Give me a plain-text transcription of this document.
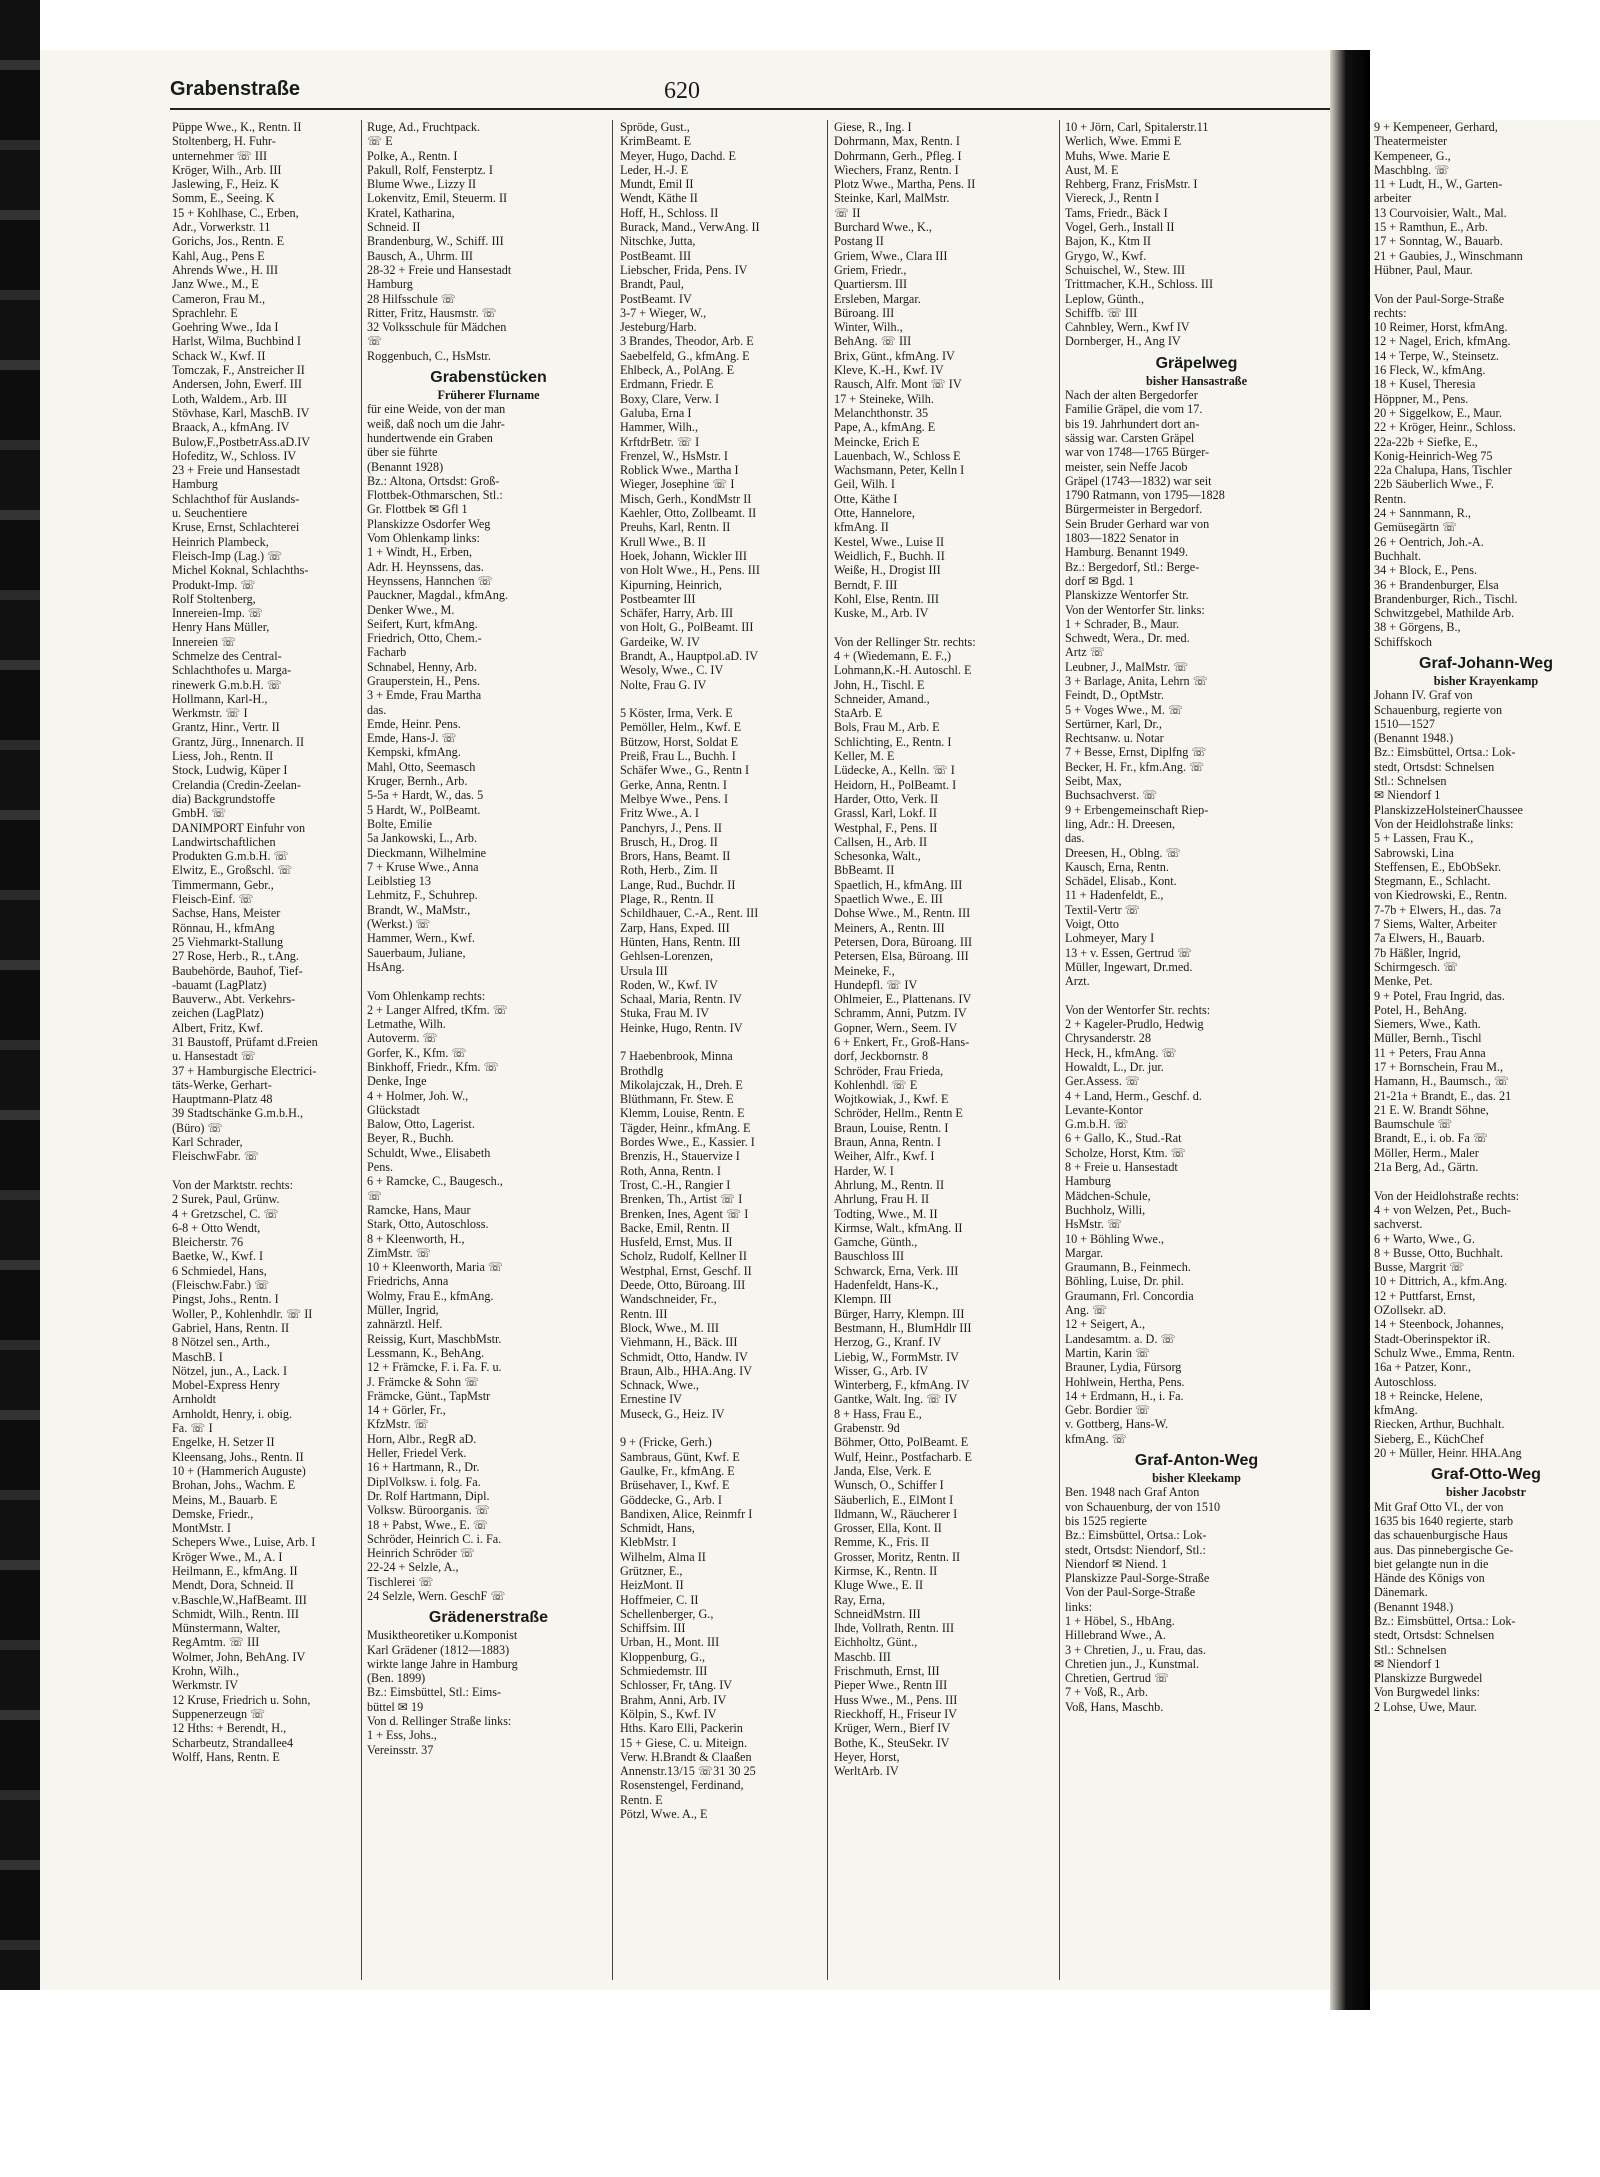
Grabenstraße	620
Püppe Wwe., K., Rentn. II
Stoltenberg, H. Fuhr-
unternehmer ☏ III
Kröger, Wilh., Arb. III
Jaslewing, F., Heiz. K
Somm, E., Seeing. K
15 + Kohlhase, C., Erben,
Adr., Vorwerkstr. 11
Gorichs, Jos., Rentn. E
Kahl, Aug., Pens E
Ahrends Wwe., H. III
Janz Wwe., M., E
Cameron, Frau M.,
Sprachlehr. E
Goehring Wwe., Ida I
Harlst, Wilma, Buchbind I
Schack W., Kwf. II
Tomczak, F., Anstreicher II
Andersen, John, Ewerf. III
Loth, Waldem., Arb. III
Stövhase, Karl, MaschB. IV
Braack, A., kfmAng. IV
Bulow,F.,PostbetrAss.aD.IV
Hofeditz, W., Schloss. IV
23 + Freie und Hansestadt
Hamburg
Schlachthof für Auslands-
u. Seuchentiere
Kruse, Ernst, Schlachterei
Heinrich Plambeck,
Fleisch-Imp (Lag.) ☏
Michel Koknal, Schlachths-
Produkt-Imp. ☏
Rolf Stoltenberg,
Innereien-Imp. ☏
Henry Hans Müller,
Innereien ☏
Schmelze des Central-
Schlachthofes u. Marga-
rinewerk G.m.b.H. ☏
Hollmann, Karl-H.,
Werkmstr. ☏ I
Grantz, Hinr., Vertr. II
Grantz, Jürg., Innenarch. II
Liess, Joh., Rentn. II
Stock, Ludwig, Küper I
Crelandia (Credin-Zeelan-
dia) Backgrundstoffe
GmbH. ☏
DANIMPORT Einfuhr von
Landwirtschaftlichen
Produkten G.m.b.H. ☏
Elwitz, E., Großschl. ☏
Timmermann, Gebr.,
Fleisch-Einf. ☏
Sachse, Hans, Meister
Rönnau, H., kfmAng
25 Viehmarkt-Stallung
27 Rose, Herb., R., t.Ang.
Baubehörde, Bauhof, Tief-
-bauamt (LagPlatz)
Bauverw., Abt. Verkehrs-
zeichen (LagPlatz)
Albert, Fritz, Kwf.
31 Baustoff, Prüfamt d.Freien
u. Hansestadt ☏
37 + Hamburgische Electrici-
täts-Werke, Gerhart-
Hauptmann-Platz 48
39 Stadtschänke G.m.b.H.,
(Büro) ☏
Karl Schrader,
FleischwFabr. ☏

Von der Marktstr. rechts:
2 Surek, Paul, Grünw.
4 + Gretzschel, C. ☏
6-8 + Otto Wendt,
Bleicherstr. 76
Baetke, W., Kwf. I
6 Schmiedel, Hans,
(Fleischw.Fabr.) ☏
Pingst, Johs., Rentn. I
Woller, P., Kohlenhdlr. ☏ II
Gabriel, Hans, Rentn. II
8 Nötzel sen., Arth.,
MaschB. I
Nötzel, jun., A., Lack. I
Mobel-Express Henry
Arnholdt
Arnholdt, Henry, i. obig.
Fa. ☏ I
Engelke, H. Setzer II
Kleensang, Johs., Rentn. II
10 + (Hammerich Auguste)
Brohan, Johs., Wachm. E
Meins, M., Bauarb. E
Demske, Friedr.,
MontMstr. I
Schepers Wwe., Luise, Arb. I
Kröger Wwe., M., A. I
Heilmann, E., kfmAng. II
Mendt, Dora, Schneid. II
v.Baschle,W.,HafBeamt. III
Schmidt, Wilh., Rentn. III
Münstermann, Walter,
RegAmtm. ☏ III
Wolmer, John, BehAng. IV
Krohn, Wilh.,
Werkmstr. IV
12 Kruse, Friedrich u. Sohn,
Suppenerzeugn ☏
12 Hths: + Berendt, H.,
Scharbeutz, Strandallee4
Wolff, Hans, Rentn. E
Ruge, Ad., Fruchtpack.
☏ E
Polke, A., Rentn. I
Pakull, Rolf, Fensterptz. I
Blume Wwe., Lizzy II
Lokenvitz, Emil, Steuerm. II
Kratel, Katharina,
Schneid. II
Brandenburg, W., Schiff. III
Bausch, A., Uhrm. III
28-32 + Freie und Hansestadt
Hamburg
28 Hilfsschule ☏
Ritter, Fritz, Hausmstr. ☏
32 Volksschule für Mädchen
☏
Roggenbuch, C., HsMstr.
Grabenstücken
Früherer Flurname
für eine Weide, von der man
weiß, daß noch um die Jahr-
hundertwende ein Graben
über sie führte
(Benannt 1928)
Bz.: Altona, Ortsdst: Groß-
Flottbek-Othmarschen, Stl.:
Gr. Flottbek ✉ Gfl 1
Planskizze Osdorfer Weg
Vom Ohlenkamp links:
1 + Windt, H., Erben,
Adr. H. Heynssens, das.
Heynssens, Hannchen ☏
Pauckner, Magdal., kfmAng.
Denker Wwe., M.
Seifert, Kurt, kfmAng.
Friedrich, Otto, Chem.-
Facharb
Schnabel, Henny, Arb.
Grauperstein, H., Pens.
3 + Emde, Frau Martha
das.
Emde, Heinr. Pens.
Emde, Hans-J. ☏
Kempski, kfmAng.
Mahl, Otto, Seemasch
Kruger, Bernh., Arb.
5-5a + Hardt, W., das. 5
5 Hardt, W., PolBeamt.
Bolte, Emilie
5a Jankowski, L., Arb.
Dieckmann, Wilhelmine
7 + Kruse Wwe., Anna
Leiblstieg 13
Lehmitz, F., Schuhrep.
Brandt, W., MaMstr.,
(Werkst.) ☏
Hammer, Wern., Kwf.
Sauerbaum, Juliane,
HsAng.

Vom Ohlenkamp rechts:
2 + Langer Alfred, tKfm. ☏
Letmathe, Wilh.
Autoverm. ☏
Gorfer, K., Kfm. ☏
Binkhoff, Friedr., Kfm. ☏
Denke, Inge
4 + Holmer, Joh. W.,
Glückstadt
Balow, Otto, Lagerist.
Beyer, R., Buchh.
Schuldt, Wwe., Elisabeth
Pens.
6 + Ramcke, C., Baugesch.,
☏
Ramcke, Hans, Maur
Stark, Otto, Autoschloss.
8 + Kleenworth, H.,
ZimMstr. ☏
10 + Kleenworth, Maria ☏
Friedrichs, Anna
Wolmy, Frau E., kfmAng.
Müller, Ingrid,
zahnärztl. Helf.
Reissig, Kurt, MaschbMstr.
Lessmann, K., BehAng.
12 + Främcke, F. i. Fa. F. u.
J. Främcke & Sohn ☏
Främcke, Günt., TapMstr
14 + Görler, Fr.,
KfzMstr. ☏
Horn, Albr., RegR aD.
Heller, Friedel Verk.
16 + Hartmann, R., Dr.
DiplVolksw. i. folg. Fa.
Dr. Rolf Hartmann, Dipl.
Volksw. Büroorganis. ☏
18 + Pabst, Wwe., E. ☏
Schröder, Heinrich C. i. Fa.
Heinrich Schröder ☏
22-24 + Selzle, A.,
Tischlerei ☏
24 Selzle, Wern. GeschF ☏
Grädenerstraße
Musiktheoretiker u.Komponist
Karl Grädener (1812—1883)
wirkte lange Jahre in Hamburg
(Ben. 1899)
Bz.: Eimsbüttel, Stl.: Eims-
büttel ✉ 19
Von d. Rellinger Straße links:
1 + Ess, Johs.,
Vereinsstr. 37
Spröde, Gust.,
KrimBeamt. E
Meyer, Hugo, Dachd. E
Leder, H.-J. E
Mundt, Emil II
Wendt, Käthe II
Hoff, H., Schloss. II
Burack, Mand., VerwAng. II
Nitschke, Jutta,
PostBeamt. III
Liebscher, Frida, Pens. IV
Brandt, Paul,
PostBeamt. IV
3-7 + Wieger, W.,
Jesteburg/Harb.
3 Brandes, Theodor, Arb. E
Saebelfeld, G., kfmAng. E
Ehlbeck, A., PolAng. E
Erdmann, Friedr. E
Boxy, Clare, Verw. I
Galuba, Erna I
Hammer, Wilh.,
KrftdrBetr. ☏ I
Frenzel, W., HsMstr. I
Roblick Wwe., Martha I
Wieger, Josephine ☏ I
Misch, Gerh., KondMstr II
Kaehler, Otto, Zollbeamt. II
Preuhs, Karl, Rentn. II
Krull Wwe., B. II
Hoek, Johann, Wickler III
von Holt Wwe., H., Pens. III
Kipurning, Heinrich,
Postbeamter III
Schäfer, Harry, Arb. III
von Holt, G., PolBeamt. III
Gardeike, W. IV
Brandt, A., Hauptpol.aD. IV
Wesoly, Wwe., C. IV
Nolte, Frau G. IV

5 Köster, Irma, Verk. E
Pemöller, Helm., Kwf. E
Bützow, Horst, Soldat E
Preiß, Frau L., Buchh. I
Schäfer Wwe., G., Rentn I
Gerke, Anna, Rentn. I
Melbye Wwe., Pens. I
Fritz Wwe., A. I
Panchyrs, J., Pens. II
Brusch, H., Drog. II
Brors, Hans, Beamt. II
Roth, Herb., Zim. II
Lange, Rud., Buchdr. II
Plage, R., Rentn. II
Schildhauer, C.-A., Rent. III
Zarp, Hans, Exped. III
Hünten, Hans, Rentn. III
Gehlsen-Lorenzen,
Ursula III
Roden, W., Kwf. IV
Schaal, Maria, Rentn. IV
Stuka, Frau M. IV
Heinke, Hugo, Rentn. IV

7 Haebenbrook, Minna
Brothdlg
Mikolajczak, H., Dreh. E
Blüthmann, Fr. Stew. E
Klemm, Louise, Rentn. E
Tägder, Heinr., kfmAng. E
Bordes Wwe., E., Kassier. I
Brenzis, H., Stauervize I
Roth, Anna, Rentn. I
Trost, C.-H., Rangier I
Brenken, Th., Artist ☏ I
Brenken, Ines, Agent ☏ I
Backe, Emil, Rentn. II
Husfeld, Ernst, Mus. II
Scholz, Rudolf, Kellner II
Westphal, Ernst, Geschf. II
Deede, Otto, Büroang. III
Wandschneider, Fr.,
Rentn. III
Block, Wwe., M. III
Viehmann, H., Bäck. III
Schmidt, Otto, Handw. IV
Braun, Alb., HHA.Ang. IV
Schnack, Wwe.,
Ernestine IV
Museck, G., Heiz. IV

9 + (Fricke, Gerh.)
Sambraus, Günt, Kwf. E
Gaulke, Fr., kfmAng. E
Brüsehaver, I., Kwf. E
Göddecke, G., Arb. I
Bandixen, Alice, Reinmfr I
Schmidt, Hans,
KlebMstr. I
Wilhelm, Alma II
Grützner, E.,
HeizMont. II
Hoffmeier, C. II
Schellenberger, G.,
Schiffsim. III
Urban, H., Mont. III
Kloppenburg, G.,
Schmiedemstr. III
Schlosser, Fr, tAng. IV
Brahm, Anni, Arb. IV
Kölpin, S., Kwf. IV
Hths. Karo Elli, Packerin
15 + Giese, C. u. Miteign.
Verw. H.Brandt & Claaßen
Annenstr.13/15 ☏31 30 25
Rosenstengel, Ferdinand,
Rentn. E
Pötzl, Wwe. A., E
Giese, R., Ing. I
Dohrmann, Max, Rentn. I
Dohrmann, Gerh., Pfleg. I
Wiechers, Franz, Rentn. I
Plotz Wwe., Martha, Pens. II
Steinke, Karl, MalMstr.
☏ II
Burchard Wwe., K.,
Postang II
Griem, Wwe., Clara III
Griem, Friedr.,
Quartiersm. III
Ersleben, Margar.
Büroang. III
Winter, Wilh.,
BehAng. ☏ III
Brix, Günt., kfmAng. IV
Kleve, K.-H., Kwf. IV
Rausch, Alfr. Mont ☏ IV
17 + Steineke, Wilh.
Melanchthonstr. 35
Pape, A., kfmAng. E
Meincke, Erich E
Lauenbach, W., Schloss E
Wachsmann, Peter, Kelln I
Geil, Wilh. I
Otte, Käthe I
Otte, Hannelore,
kfmAng. II
Kestel, Wwe., Luise II
Weidlich, F., Buchh. II
Weiße, H., Drogist III
Berndt, F. III
Kohl, Else, Rentn. III
Kuske, M., Arb. IV

Von der Rellinger Str. rechts:
4 + (Wiedemann, E. F.,)
Lohmann,K.-H. Autoschl. E
John, H., Tischl. E
Schneider, Amand.,
StaArb. E
Bols, Frau M., Arb. E
Schlichting, E., Rentn. I
Keller, M. E
Lüdecke, A., Kelln. ☏ I
Heidorn, H., PolBeamt. I
Harder, Otto, Verk. II
Grassl, Karl, Lokf. II
Westphal, F., Pens. II
Callsen, H., Arb. II
Schesonka, Walt.,
BbBeamt. II
Spaetlich, H., kfmAng. III
Spaetlich Wwe., E. III
Dohse Wwe., M., Rentn. III
Meiners, A., Rentn. III
Petersen, Dora, Büroang. III
Petersen, Elsa, Büroang. III
Meineke, F.,
Hundepfl. ☏ IV
Ohlmeier, E., Plattenans. IV
Schramm, Anni, Putzm. IV
Gopner, Wern., Seem. IV
6 + Enkert, Fr., Groß-Hans-
dorf, Jeckbornstr. 8
Schröder, Frau Frieda,
Kohlenhdl. ☏ E
Wojtkowiak, J., Kwf. E
Schröder, Hellm., Rentn E
Braun, Louise, Rentn. I
Braun, Anna, Rentn. I
Weiher, Alfr., Kwf. I
Harder, W. I
Ahrlung, M., Rentn. II
Ahrlung, Frau H. II
Todting, Wwe., M. II
Kirmse, Walt., kfmAng. II
Gamche, Günth.,
Bauschloss III
Schwarck, Erna, Verk. III
Hadenfeldt, Hans-K.,
Klempn. III
Bürger, Harry, Klempn. III
Bestmann, H., BlumHdlr III
Herzog, G., Kranf. IV
Liebig, W., FormMstr. IV
Wisser, G., Arb. IV
Winterberg, F., kfmAng. IV
Gantke, Walt. Ing. ☏ IV
8 + Hass, Frau E.,
Grabenstr. 9d
Böhmer, Otto, PolBeamt. E
Wulf, Heinr., Postfacharb. E
Janda, Else, Verk. E
Wunsch, O., Schiffer I
Säuberlich, E., ElMont I
Ildmann, W., Räucherer I
Grosser, Ella, Kont. II
Remme, K., Fris. II
Grosser, Moritz, Rentn. II
Kirmse, K., Rentn. II
Kluge Wwe., E. II
Ray, Erna,
SchneidMstrn. III
Ihde, Vollrath, Rentn. III
Eichholtz, Günt.,
Maschb. III
Frischmuth, Ernst, III
Pieper Wwe., Rentn III
Huss Wwe., M., Pens. III
Rieckhoff, H., Friseur IV
Krüger, Wern., Bierf IV
Bothe, K., SteuSekr. IV
Heyer, Horst,
WerltArb. IV
10 + Jörn, Carl, Spitalerstr.11
Werlich, Wwe. Emmi E
Muhs, Wwe. Marie E
Aust, M. E
Rehberg, Franz, FrisMstr. I
Viereck, J., Rentn I
Tams, Friedr., Bäck I
Vogel, Gerh., Install II
Bajon, K., Ktm II
Grygo, W., Kwf.
Schuischel, W., Stew. III
Trittmacher, K.H., Schloss. III
Leplow, Günth.,
Schiffb. ☏ III
Cahnbley, Wern., Kwf IV
Dornberger, H., Ang IV
Gräpelweg
bisher Hansastraße
Nach der alten Bergedorfer
Familie Gräpel, die vom 17.
bis 19. Jahrhundert dort an-
sässig war. Carsten Gräpel
war von 1748—1765 Bürger-
meister, sein Neffe Jacob
Gräpel (1743—1832) war seit
1790 Ratmann, von 1795—1828
Bürgermeister in Bergedorf.
Sein Bruder Gerhard war von
1803—1822 Senator in
Hamburg. Benannt 1949.
Bz.: Bergedorf, Stl.: Berge-
dorf ✉ Bgd. 1
Planskizze Wentorfer Str.
Von der Wentorfer Str. links:
1 + Schrader, B., Maur.
Schwedt, Wera., Dr. med.
Artz ☏
Leubner, J., MalMstr. ☏
3 + Barlage, Anita, Lehrn ☏
Feindt, D., OptMstr.
5 + Voges Wwe., M. ☏
Sertürner, Karl, Dr.,
Rechtsanw. u. Notar
7 + Besse, Ernst, Diplfng ☏
Becker, H. Fr., kfm.Ang. ☏
Seibt, Max,
Buchsachverst. ☏
9 + Erbengemeinschaft Riep-
ling, Adr.: H. Dreesen,
das.
Dreesen, H., Oblng. ☏
Kausch, Erna, Rentn.
Schädel, Elisab., Kont.
11 + Hadenfeldt, E.,
Textil-Vertr ☏
Voigt, Otto
Lohmeyer, Mary I
13 + v. Essen, Gertrud ☏
Müller, Ingewart, Dr.med.
Arzt.

Von der Wentorfer Str. rechts:
2 + Kageler-Prudlo, Hedwig
Chrysanderstr. 28
Heck, H., kfmAng. ☏
Howaldt, L., Dr. jur.
Ger.Assess. ☏
4 + Land, Herm., Geschf. d.
Levante-Kontor
G.m.b.H. ☏
6 + Gallo, K., Stud.-Rat
Scholze, Horst, Ktm. ☏
8 + Freie u. Hansestadt
Hamburg
Mädchen-Schule,
Buchholz, Willi,
HsMstr. ☏
10 + Böhling Wwe.,
Margar.
Graumann, B., Feinmech.
Böhling, Luise, Dr. phil.
Graumann, Frl. Concordia
Ang. ☏
12 + Seigert, A.,
Landesamtm. a. D. ☏
Martin, Karin ☏
Brauner, Lydia, Fürsorg
Hohlwein, Hertha, Pens.
14 + Erdmann, H., i. Fa.
Gebr. Bordier ☏
v. Gottberg, Hans-W.
kfmAng. ☏
Graf-Anton-Weg
bisher Kleekamp
Ben. 1948 nach Graf Anton
von Schauenburg, der von 1510
bis 1525 regierte
Bz.: Eimsbüttel, Ortsa.: Lok-
stedt, Ortsdst: Niendorf, Stl.:
Niendorf ✉ Niend. 1
Planskizze Paul-Sorge-Straße
Von der Paul-Sorge-Straße
links:
1 + Höbel, S., HbAng.
Hillebrand Wwe., A.
3 + Chretien, J., u. Frau, das.
Chretien jun., J., Kunstmal.
Chretien, Gertrud ☏
7 + Voß, R., Arb.
Voß, Hans, Maschb.
9 + Kempeneer, Gerhard,
Theatermeister
Kempeneer, G.,
Maschblng. ☏
11 + Ludt, H., W., Garten-
arbeiter
13 Courvoisier, Walt., Mal.
15 + Ramthun, E., Arb.
17 + Sonntag, W., Bauarb.
21 + Gaubies, J., Winschmann
Hübner, Paul, Maur.

Von der Paul-Sorge-Straße
rechts:
10 Reimer, Horst, kfmAng.
12 + Nagel, Erich, kfmAng.
14 + Terpe, W., Steinsetz.
16 Fleck, W., kfmAng.
18 + Kusel, Theresia
Höppner, M., Pens.
20 + Siggelkow, E., Maur.
22 + Kröger, Heinr., Schloss.
22a-22b + Siefke, E.,
Konig-Heinrich-Weg 75
22a Chalupa, Hans, Tischler
22b Säuberlich Wwe., F.
Rentn.
24 + Sannmann, R.,
Gemüsegärtn ☏
26 + Oentrich, Joh.-A.
Buchhalt.
34 + Block, E., Pens.
36 + Brandenburger, Elsa
Brandenburger, Rich., Tischl.
Schwitzgebel, Mathilde Arb.
38 + Görgens, B.,
Schiffskoch
Graf-Johann-Weg
bisher Krayenkamp
Johann IV. Graf von
Schauenburg, regierte von
1510—1527
(Benannt 1948.)
Bz.: Eimsbüttel, Ortsa.: Lok-
stedt, Ortsdst: Schnelsen
Stl.: Schnelsen
✉ Niendorf 1
PlanskizzeHolsteinerChaussee
Von der Heidlohstraße links:
5 + Lassen, Frau K.,
Sabrowski, Lina
Steffensen, E., EbObSekr.
Stegmann, E., Schlacht.
von Kiedrowski, E., Rentn.
7-7b + Elwers, H., das. 7a
7 Siems, Walter, Arbeiter
7a Elwers, H., Bauarb.
7b Häßler, Ingrid,
Schirmgesch. ☏
Menke, Pet.
9 + Potel, Frau Ingrid, das.
Potel, H., BehAng.
Siemers, Wwe., Kath.
Müller, Bernh., Tischl
11 + Peters, Frau Anna
17 + Bornschein, Frau M.,
Hamann, H., Baumsch., ☏
21-21a + Brandt, E., das. 21
21 E. W. Brandt Söhne,
Baumschule ☏
Brandt, E., i. ob. Fa ☏
Möller, Herm., Maler
21a Berg, Ad., Gärtn.

Von der Heidlohstraße rechts:
4 + von Welzen, Pet., Buch-
sachverst.
6 + Warto, Wwe., G.
8 + Busse, Otto, Buchhalt.
Busse, Margrit ☏
10 + Dittrich, A., kfm.Ang.
12 + Puttfarst, Ernst,
OZollsekr. aD.
14 + Steenbock, Johannes,
Stadt-Oberinspektor iR.
Schulz Wwe., Emma, Rentn.
16a + Patzer, Konr.,
Autoschloss.
18 + Reincke, Helene,
kfmAng.
Riecken, Arthur, Buchhalt.
Sieberg, E., KüchChef
20 + Müller, Heinr. HHA.Ang
Graf-Otto-Weg
bisher Jacobstr
Mit Graf Otto VI., der von
1635 bis 1640 regierte, starb
das schauenburgische Haus
aus. Das pinnebergische Ge-
biet gelangte nun in die
Hände des Königs von
Dänemark.
(Benannt 1948.)
Bz.: Eimsbüttel, Ortsa.: Lok-
stedt, Ortsdst: Schnelsen
Stl.: Schnelsen
✉ Niendorf 1
Planskizze Burgwedel
Von Burgwedel links:
2 Lohse, Uwe, Maur.
